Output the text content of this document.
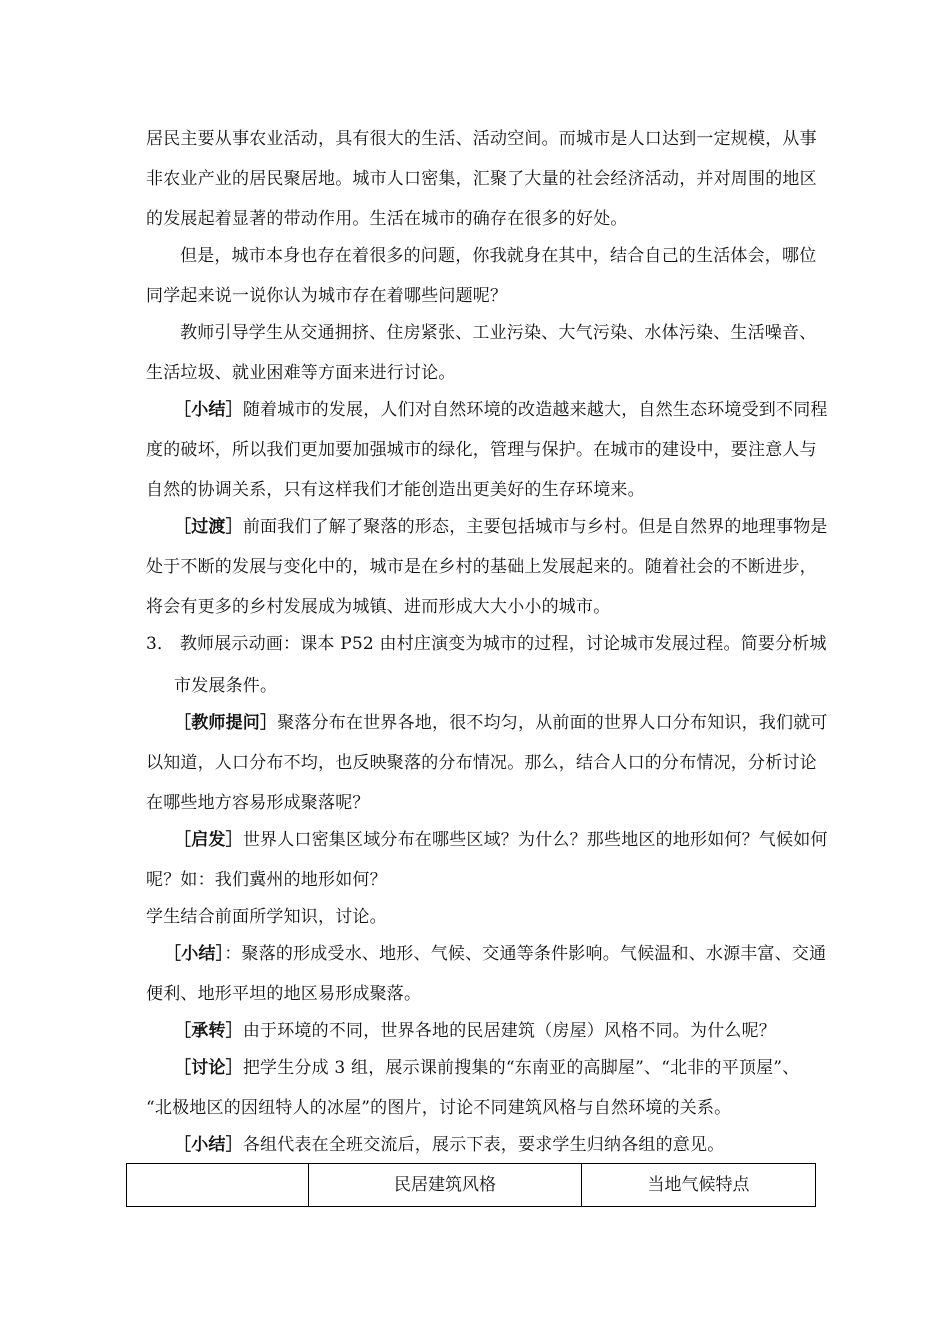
居民主要从事农业活动，具有很大的生活、活动空间。而城市是人口达到一定规模，从事
非农业产业的居民聚居地。城市人口密集，汇聚了大量的社会经济活动，并对周围的地区
的发展起着显著的带动作用。生活在城市的确存在很多的好处。
但是，城市本身也存在着很多的问题，你我就身在其中，结合自己的生活体会，哪位
同学起来说一说你认为城市存在着哪些问题呢？
教师引导学生从交通拥挤、住房紧张、工业污染、大气污染、水体污染、生活噪音、
生活垃圾、就业困难等方面来进行讨论。
［小结］随着城市的发展，人们对自然环境的改造越来越大，自然生态环境受到不同程
度的破坏，所以我们更加要加强城市的绿化，管理与保护。在城市的建设中，要注意人与
自然的协调关系，只有这样我们才能创造出更美好的生存环境来。
［过渡］前面我们了解了聚落的形态，主要包括城市与乡村。但是自然界的地理事物是
处于不断的发展与变化中的，城市是在乡村的基础上发展起来的。随着社会的不断进步，
将会有更多的乡村发展成为城镇、进而形成大大小小的城市。
3． 教师展示动画：课本 P52 由村庄演变为城市的过程，讨论城市发展过程。简要分析城
市发展条件。
［教师提问］聚落分布在世界各地，很不均匀，从前面的世界人口分布知识，我们就可
以知道，人口分布不均，也反映聚落的分布情况。那么，结合人口的分布情况，分析讨论
在哪些地方容易形成聚落呢？
［启发］世界人口密集区域分布在哪些区域？为什么？那些地区的地形如何？气候如何
呢？如：我们冀州的地形如何？
学生结合前面所学知识，讨论。
［小结］：聚落的形成受水、地形、气候、交通等条件影响。气候温和、水源丰富、交通
便利、地形平坦的地区易形成聚落。
［承转］由于环境的不同，世界各地的民居建筑（房屋）风格不同。为什么呢？
［讨论］把学生分成 3 组，展示课前搜集的“东南亚的高脚屋”、“北非的平顶屋”、
“北极地区的因纽特人的冰屋”的图片，讨论不同建筑风格与自然环境的关系。
［小结］各组代表在全班交流后，展示下表，要求学生归纳各组的意见。
	民居建筑风格	当地气候特点
